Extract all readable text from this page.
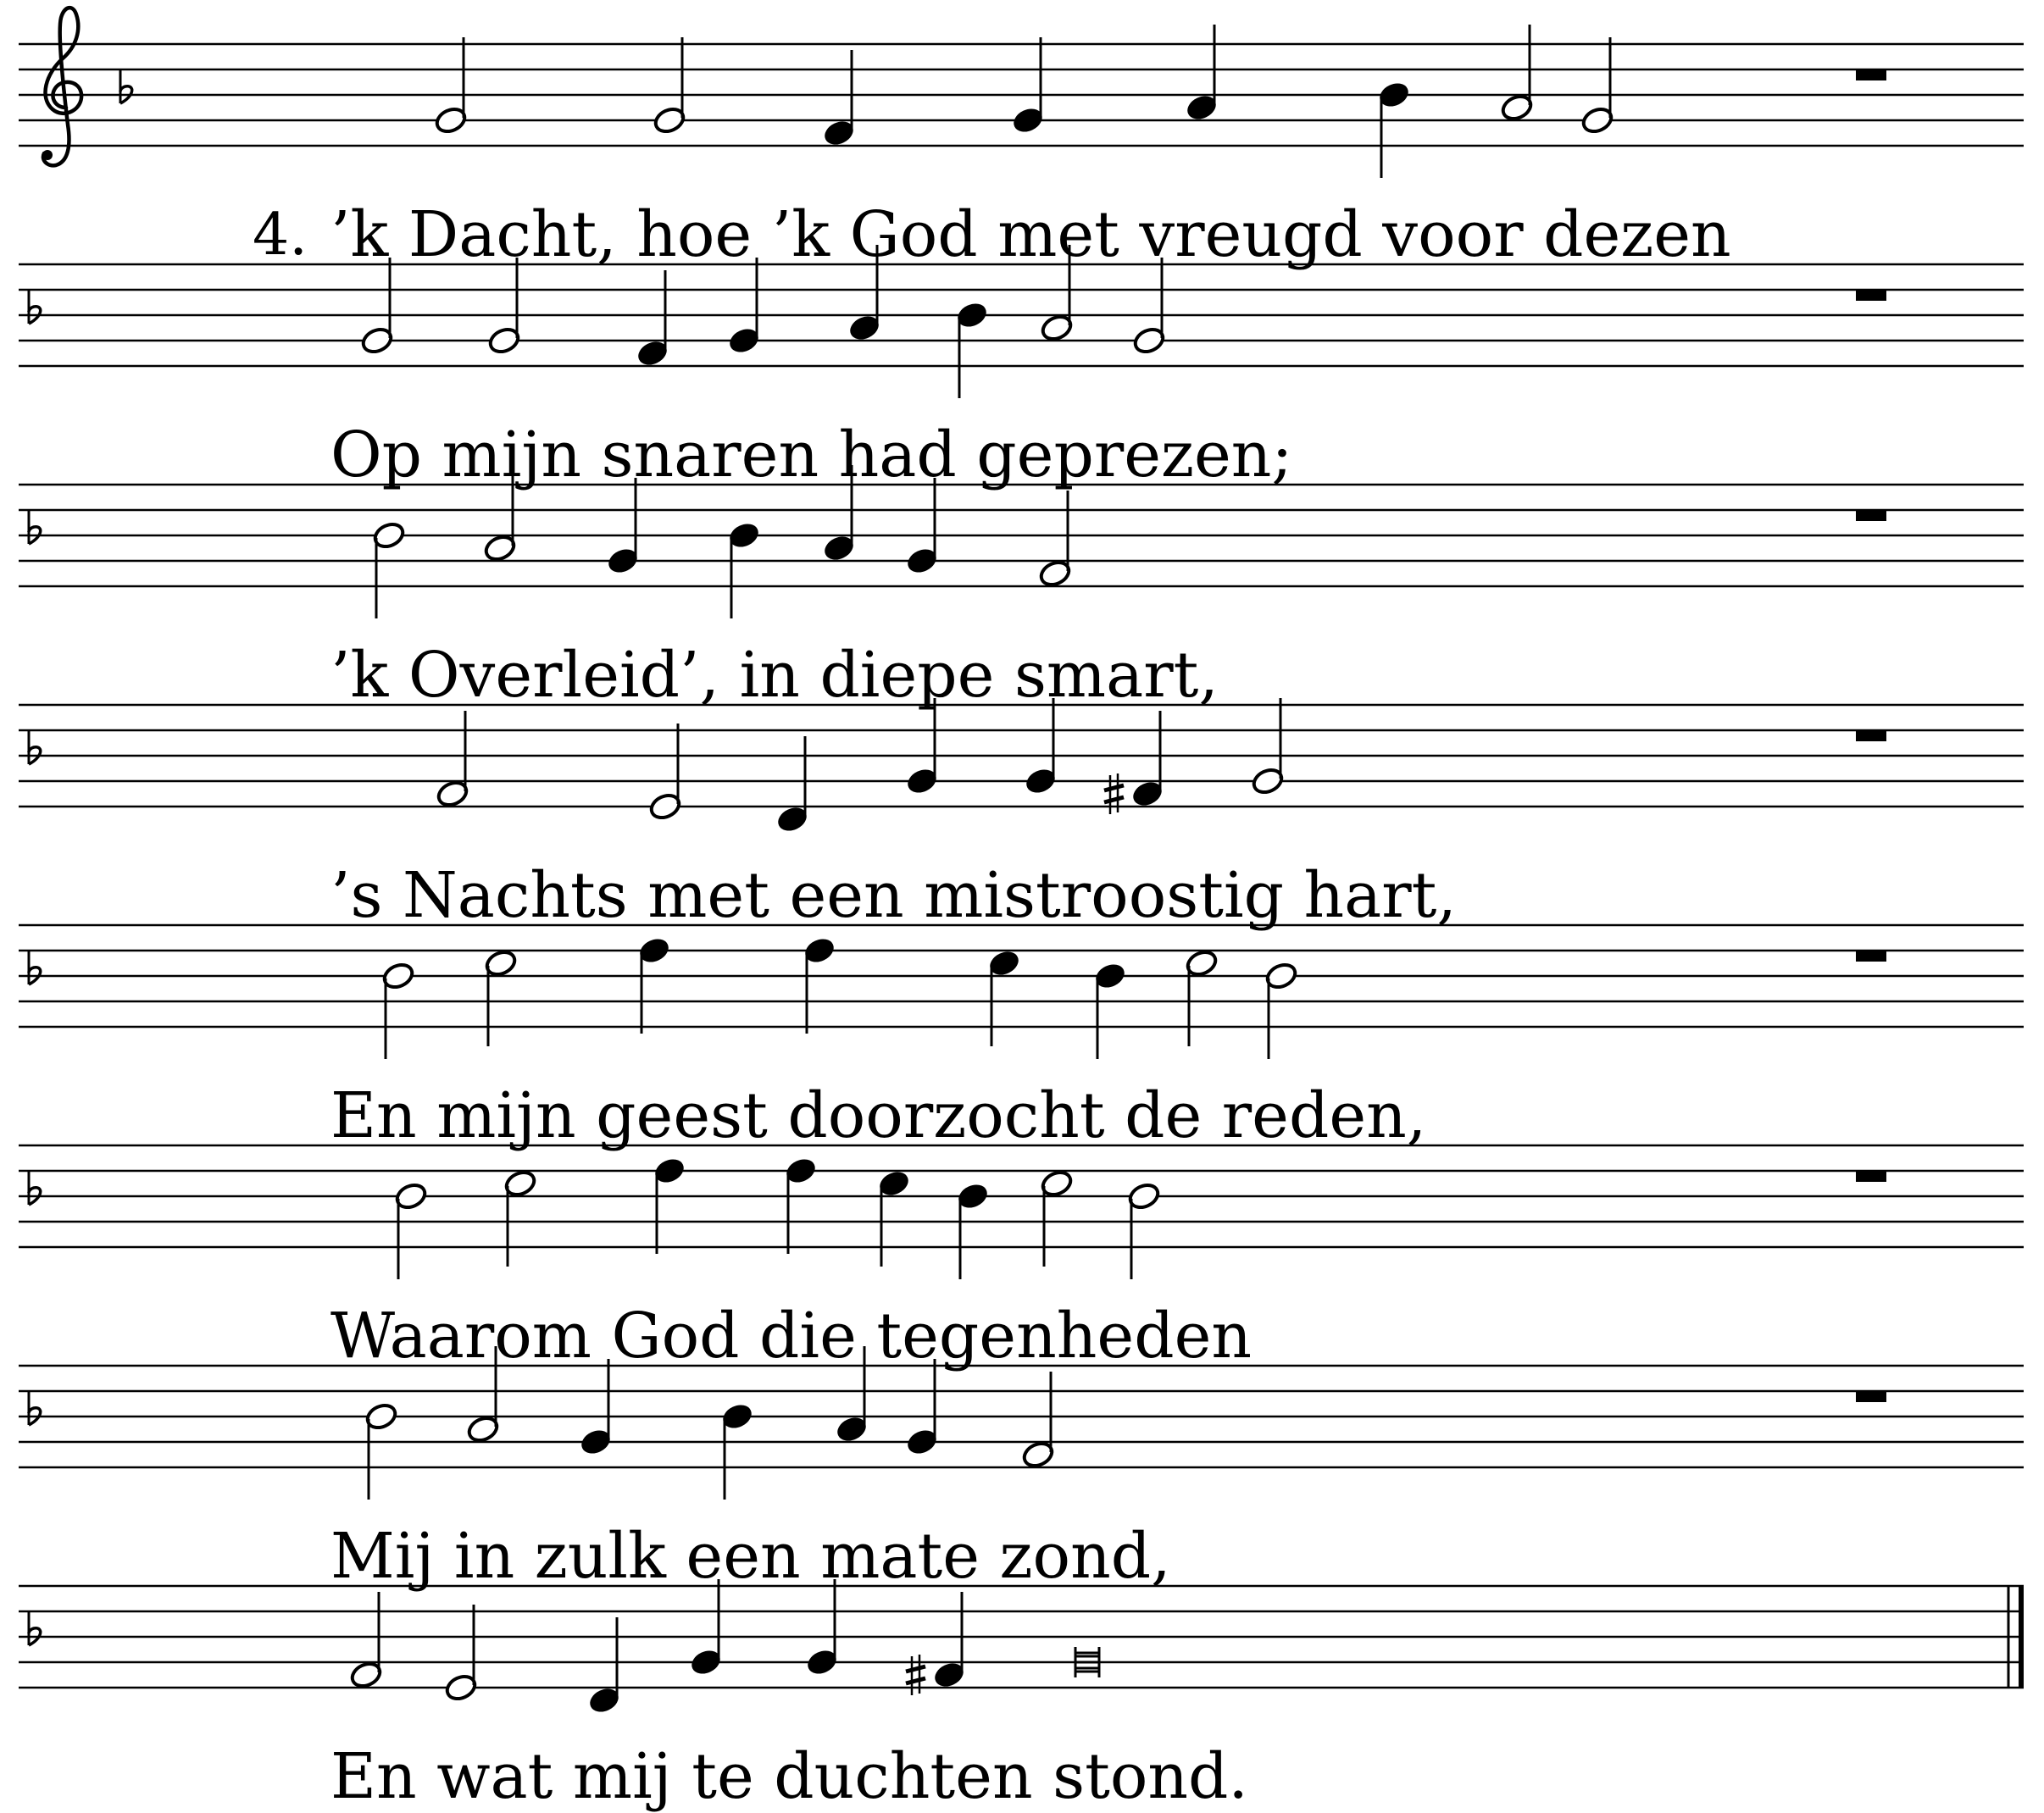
’k Dacht, hoe ’k God met vreugd voor dezen
4.
Op mijn snaren had geprezen;
’k Overleid’, in diepe smart,
’s Nachts met een mistroostig hart,
En mijn geest doorzocht de reden,
Waarom God die tegenheden
Mij in zulk een mate zond,
En wat mij te duchten stond.
